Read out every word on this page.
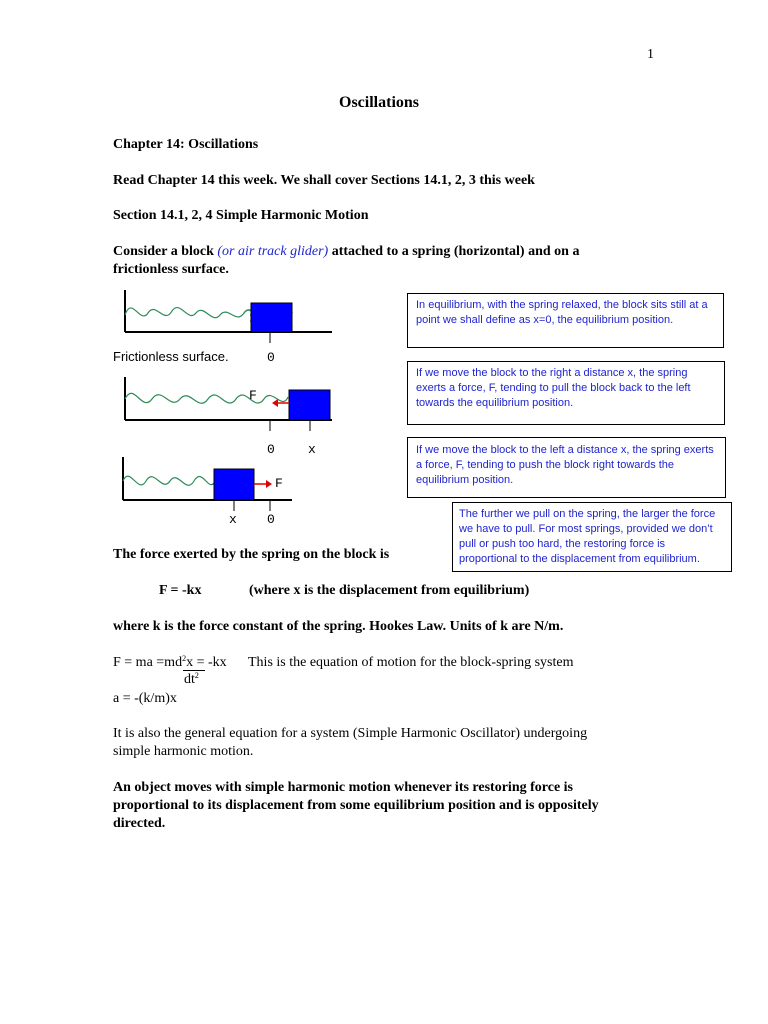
1
Oscillations
Chapter 14: Oscillations
Read Chapter 14 this week. We shall cover Sections 14.1, 2, 3 this week
Section 14.1, 2, 4 Simple Harmonic Motion
Consider a block (or air track glider) attached to a spring (horizontal) and on a
frictionless surface.
0
F
0	x
F
x 0
Frictionless surface.
In equilibrium, with the spring relaxed, the block sits still at a point we shall define as x=0, the equilibrium position.
If we move the block to the right a distance x, the spring exerts a force, F, tending to pull the block back to the left towards the equilibrium position.
If we move the block to the left a distance x, the spring exerts a force, F, tending to push the block right towards the equilibrium position.
The further we pull on the spring, the larger the force we have to pull. For most springs, provided we don’t pull or push too hard, the restoring force is proportional to the displacement from equilibrium.
The force exerted by the spring on the block is
F = -kx	(where x is the displacement from equilibrium)
where k is the force constant of the spring. Hookes Law. Units of k are N/m.
F = ma $=md^2x = -kx$ This is the equation of motion for the block-spring system
$dt^2$
a = -(k/m)x
It is also the general equation for a system (Simple Harmonic Oscillator) undergoing
simple harmonic motion.
An object moves with simple harmonic motion whenever its restoring force is
proportional to its displacement from some equilibrium position and is oppositely
directed.
